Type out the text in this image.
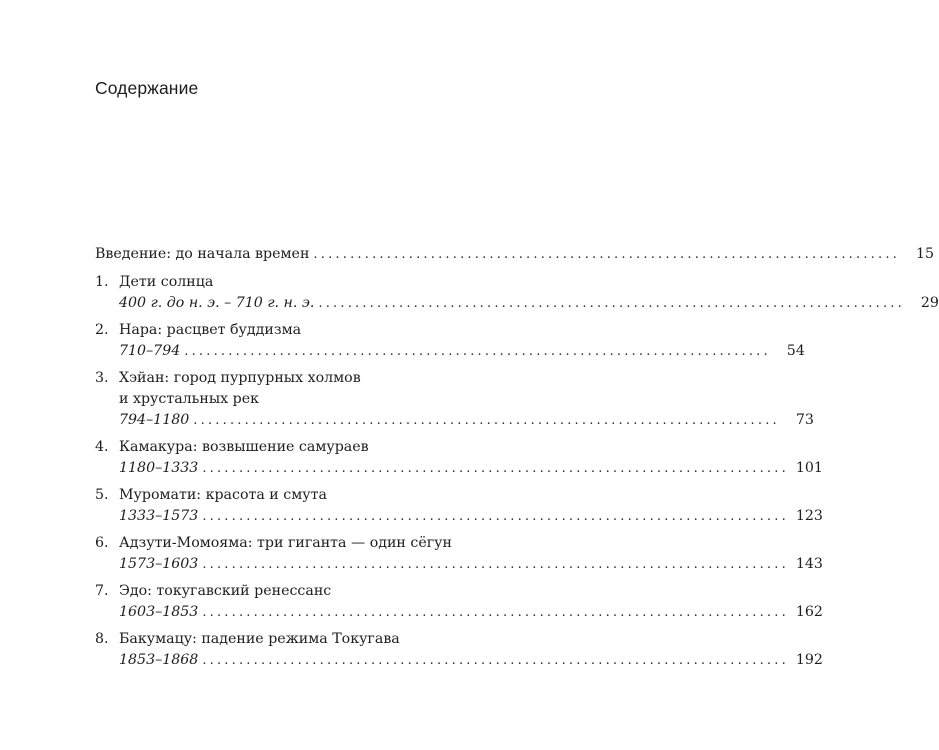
Содержание
Введение: до начала времен ................................................................................	15
1. Дети солнца
400 г. до н. э. – 710 г. н. э. ................................................................................	29
2. Нара: расцвет буддизма
710–794 ................................................................................	54
3. Хэйан: город пурпурных холмов
и хрустальных рек
794–1180 ................................................................................	73
4. Камакура: возвышение самураев
1180–1333 ................................................................................ 101
5. Муромати: красота и смута
1333–1573 ................................................................................ 123
6. Адзути-Момояма: три гиганта — один сёгун
1573–1603 ................................................................................ 143
7. Эдо: токугавский ренессанс
1603–1853 ................................................................................ 162
8. Бакумацу: падение режима Токугава
1853–1868 ................................................................................ 192
